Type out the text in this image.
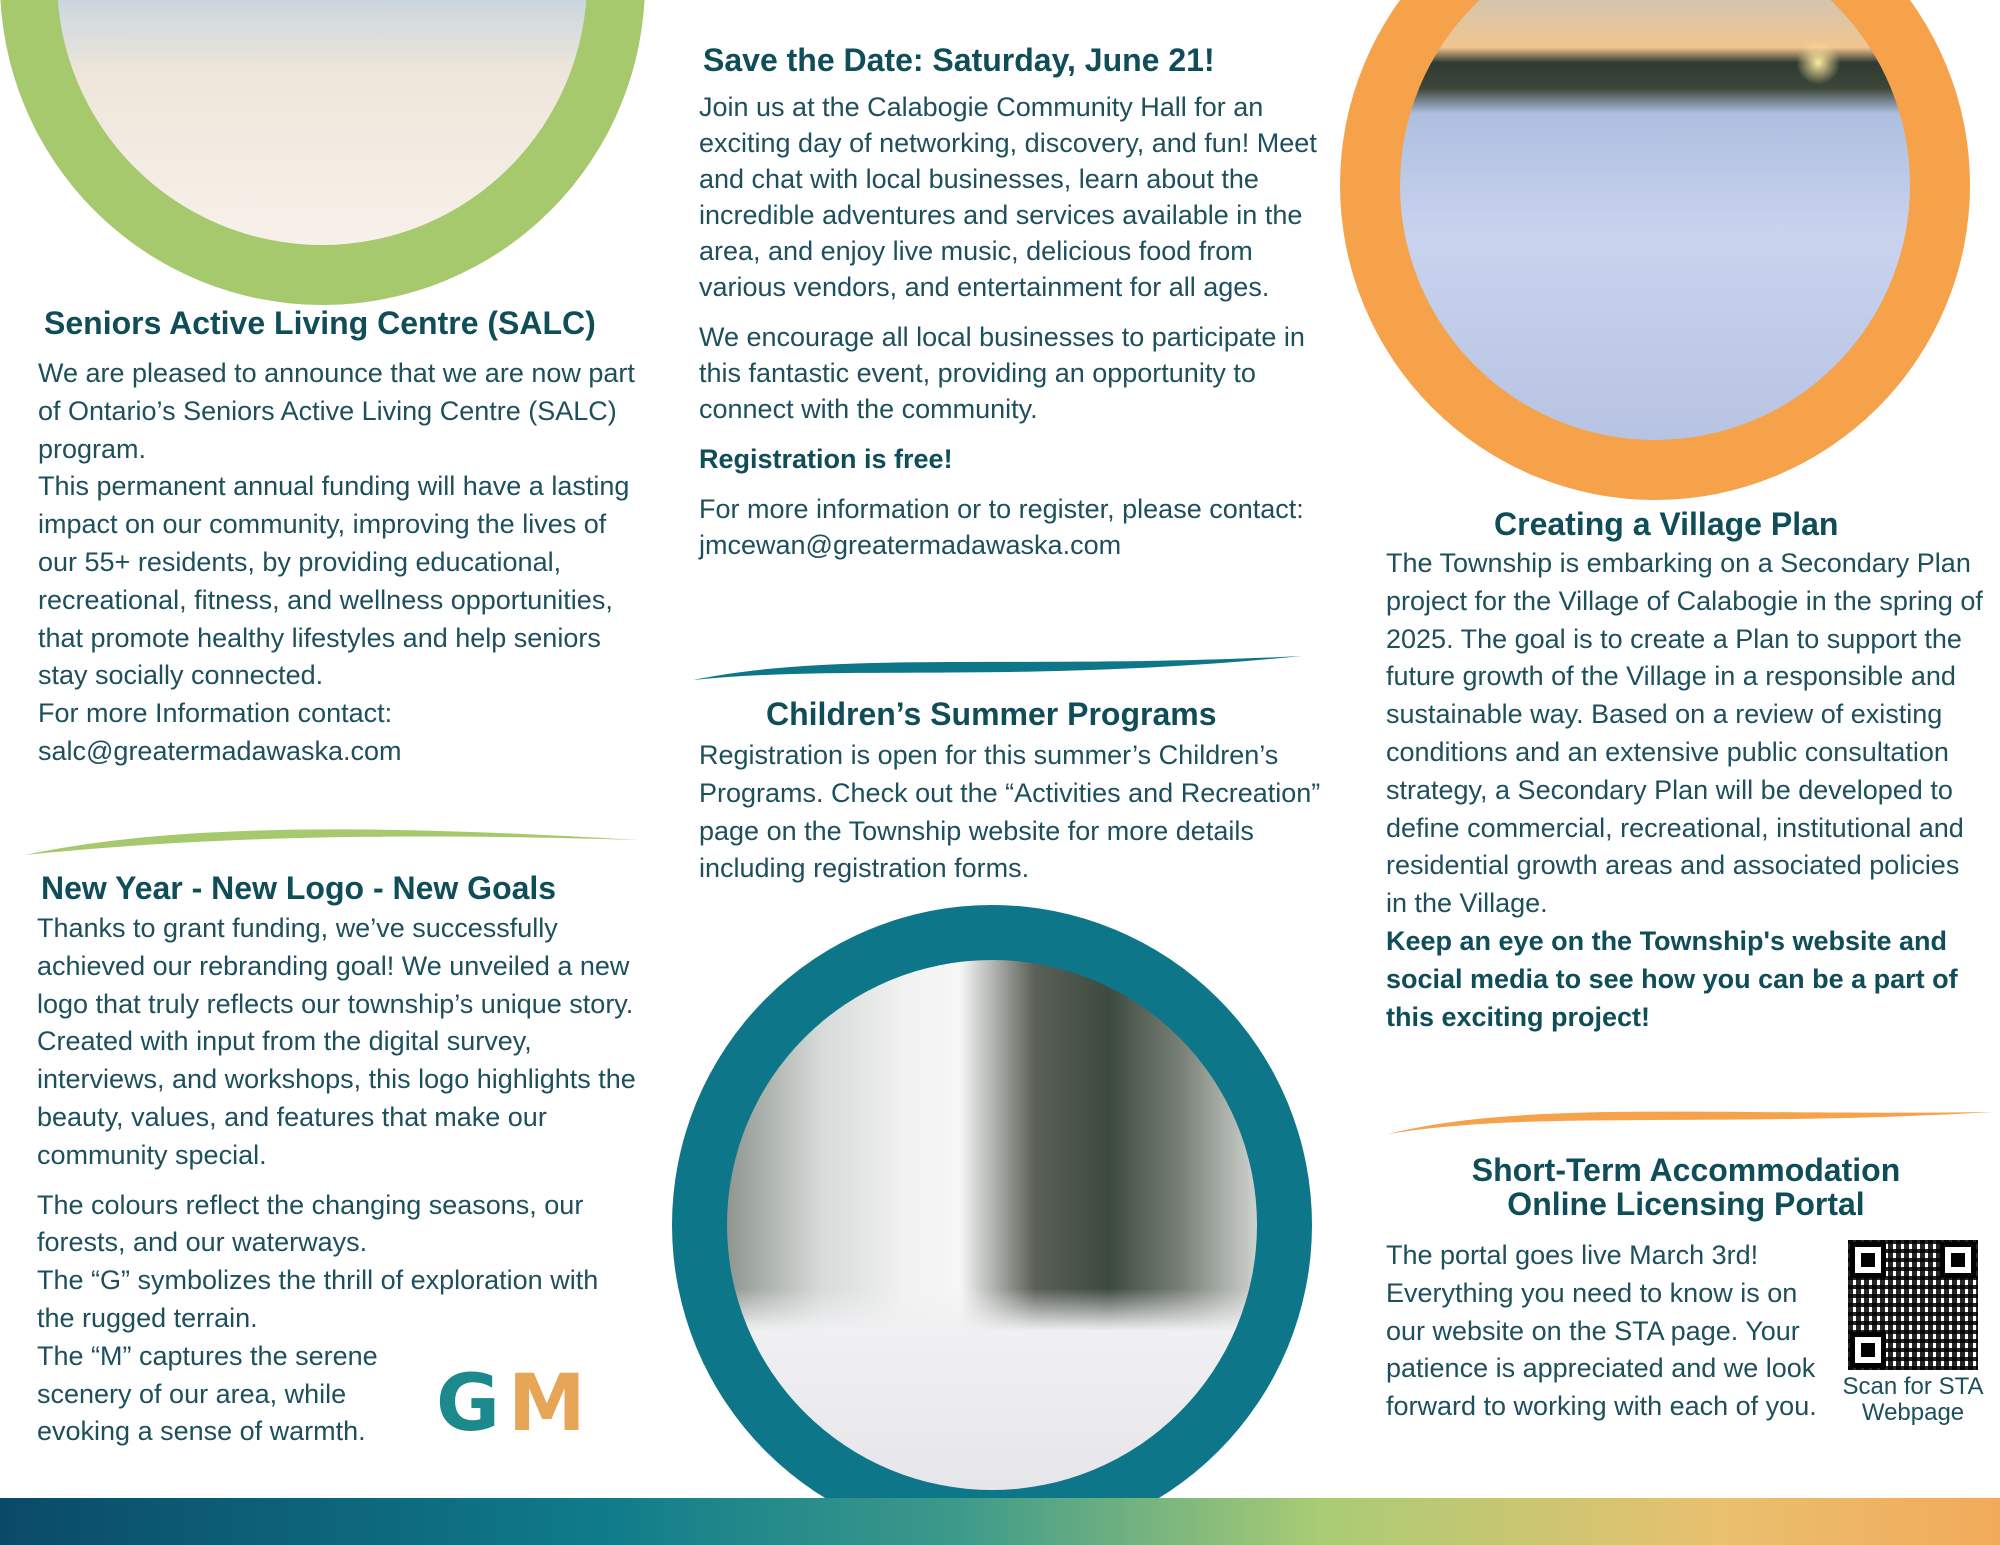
Seniors Active Living Centre (SALC)

We are pleased to announce that we are now part of Ontario’s Seniors Active Living Centre (SALC) program.

This permanent annual funding will have a lasting impact on our community, improving the lives of our 55+ residents, by providing educational, recreational, fitness, and wellness opportunities, that promote healthy lifestyles and help seniors stay socially connected.

For more Information contact:

salc@greatermadawaska.com

New Year - New Logo - New Goals

Thanks to grant funding, we’ve successfully achieved our rebranding goal! We unveiled a new logo that truly reflects our township’s unique story. Created with input from the digital survey, interviews, and workshops, this logo highlights the beauty, values, and features that make our community special.

The colours reflect the changing seasons, our forests, and our waterways.

The “G” symbolizes the thrill of exploration with the rugged terrain.

The “M” captures the serene scenery of our area, while evoking a sense of warmth. G M
Save the Date: Saturday, June 21!

Join us at the Calabogie Community Hall for an exciting day of networking, discovery, and fun! Meet and chat with local businesses, learn about the incredible adventures and services available in the area, and enjoy live music, delicious food from various vendors, and entertainment for all ages.

We encourage all local businesses to participate in this fantastic event, providing an opportunity to connect with the community.

Registration is free!

For more information or to register, please contact: jmcewan@greatermadawaska.com

Children’s Summer Programs

Registration is open for this summer’s Children’s Programs. Check out the “Activities and Recreation” page on the Township website for more details including registration forms.

Creating a Village Plan

The Township is embarking on a Secondary Plan project for the Village of Calabogie in the spring of 2025. The goal is to create a Plan to support the future growth of the Village in a responsible and sustainable way. Based on a review of existing conditions and an extensive public consultation strategy, a Secondary Plan will be developed to define commercial, recreational, institutional and residential growth areas and associated policies in the Village.

Keep an eye on the Township's website and social media to see how you can be a part of this exciting project!

Short-Term Accommodation
Online Licensing Portal

The portal goes live March 3rd! Everything you need to know is on our website on the STA page. Your patience is appreciated and we look forward to working with each of you.

Scan for STA Webpage
